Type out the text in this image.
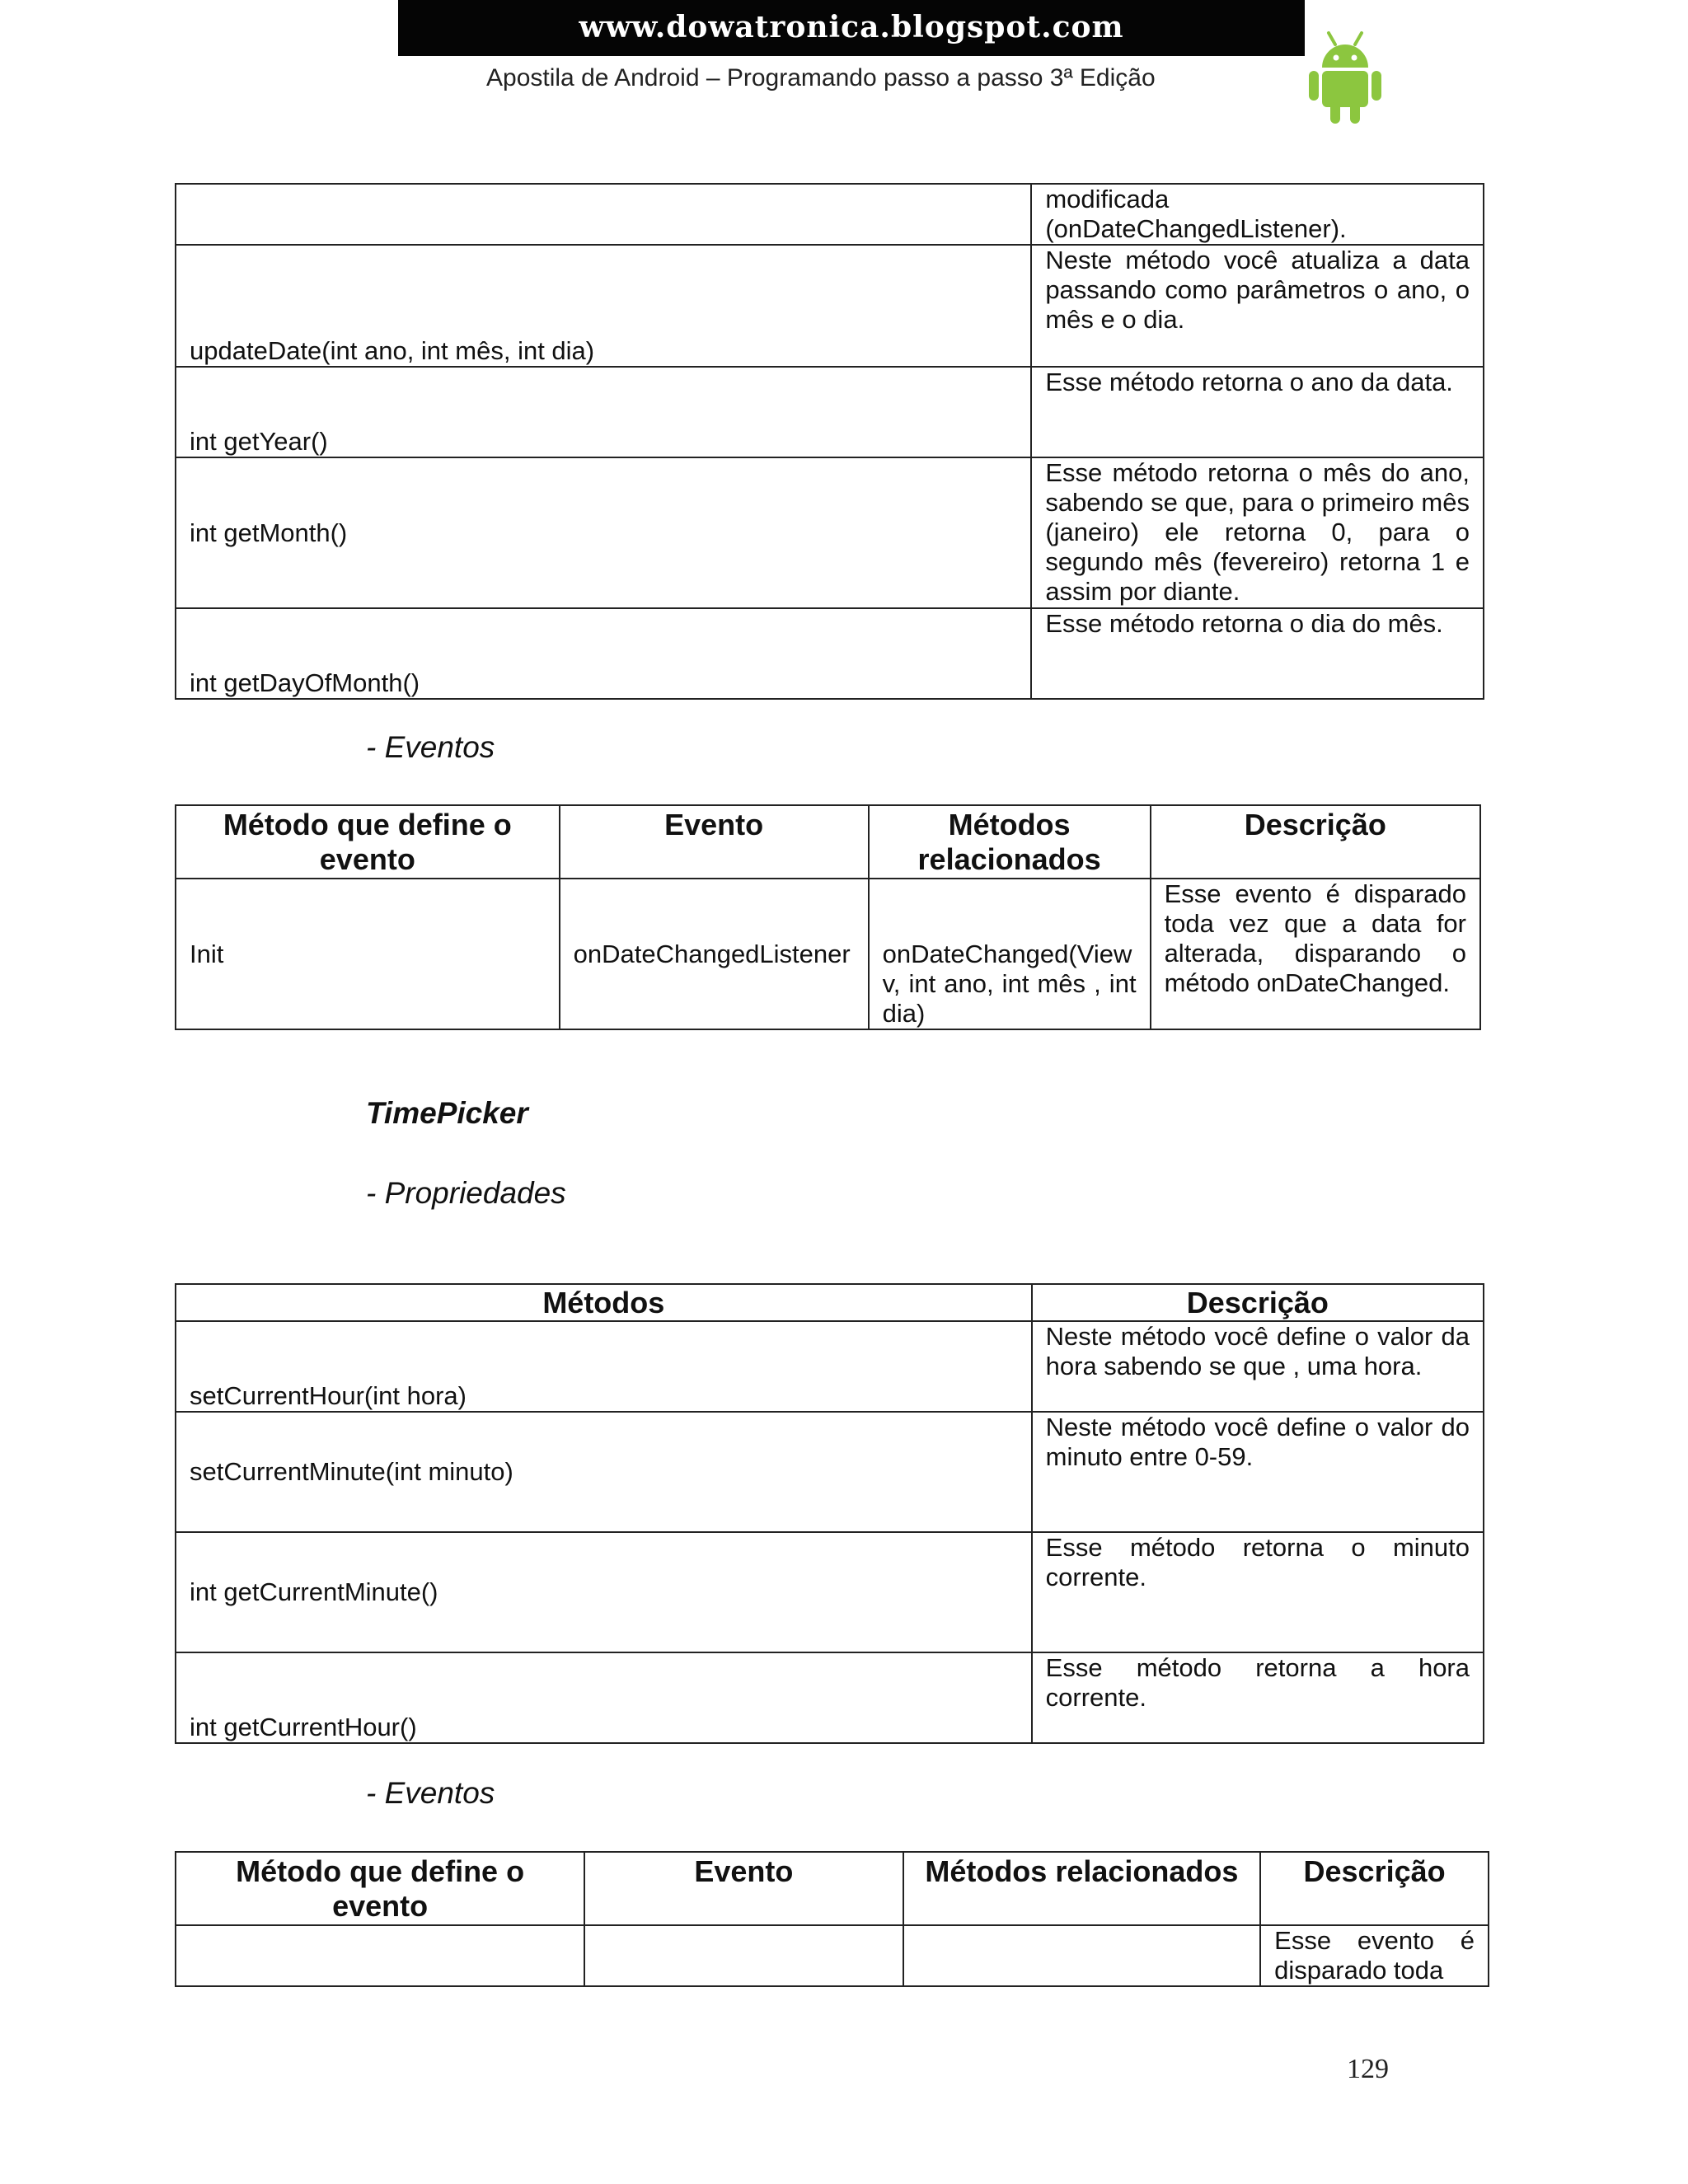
www.dowatronica.blogspot.com
Apostila de Android – Programando passo a passo 3ª Edição
	modificada (onDateChangedListener).
updateDate(int ano, int mês, int dia)	Neste método você atualiza a data passando como parâmetros o ano, o mês e o dia.
int getYear()	Esse método retorna o ano da data.
int getMonth()	Esse método retorna o mês do ano, sabendo se que, para o primeiro mês (janeiro) ele retorna 0, para o segundo mês (fevereiro) retorna 1 e assim por diante.
int getDayOfMonth()	Esse método retorna o dia do mês.
- Eventos
Método que define o evento	Evento	Métodos relacionados	Descrição
Init	onDateChangedListener	onDateChanged(View v, int ano, int mês , int dia)	Esse evento é disparado toda vez que a data for alterada, disparando o método onDateChanged.
TimePicker
- Propriedades
Métodos	Descrição
setCurrentHour(int hora)	Neste método você define o valor da hora sabendo se que , uma hora.
setCurrentMinute(int minuto)	Neste método você define o valor do minuto entre 0-59.
int getCurrentMinute()	Esse método retorna o minuto corrente.
int getCurrentHour()	Esse método retorna a hora corrente.
- Eventos
Método que define o evento	Evento	Métodos relacionados	Descrição
			Esse evento é disparado toda
129
